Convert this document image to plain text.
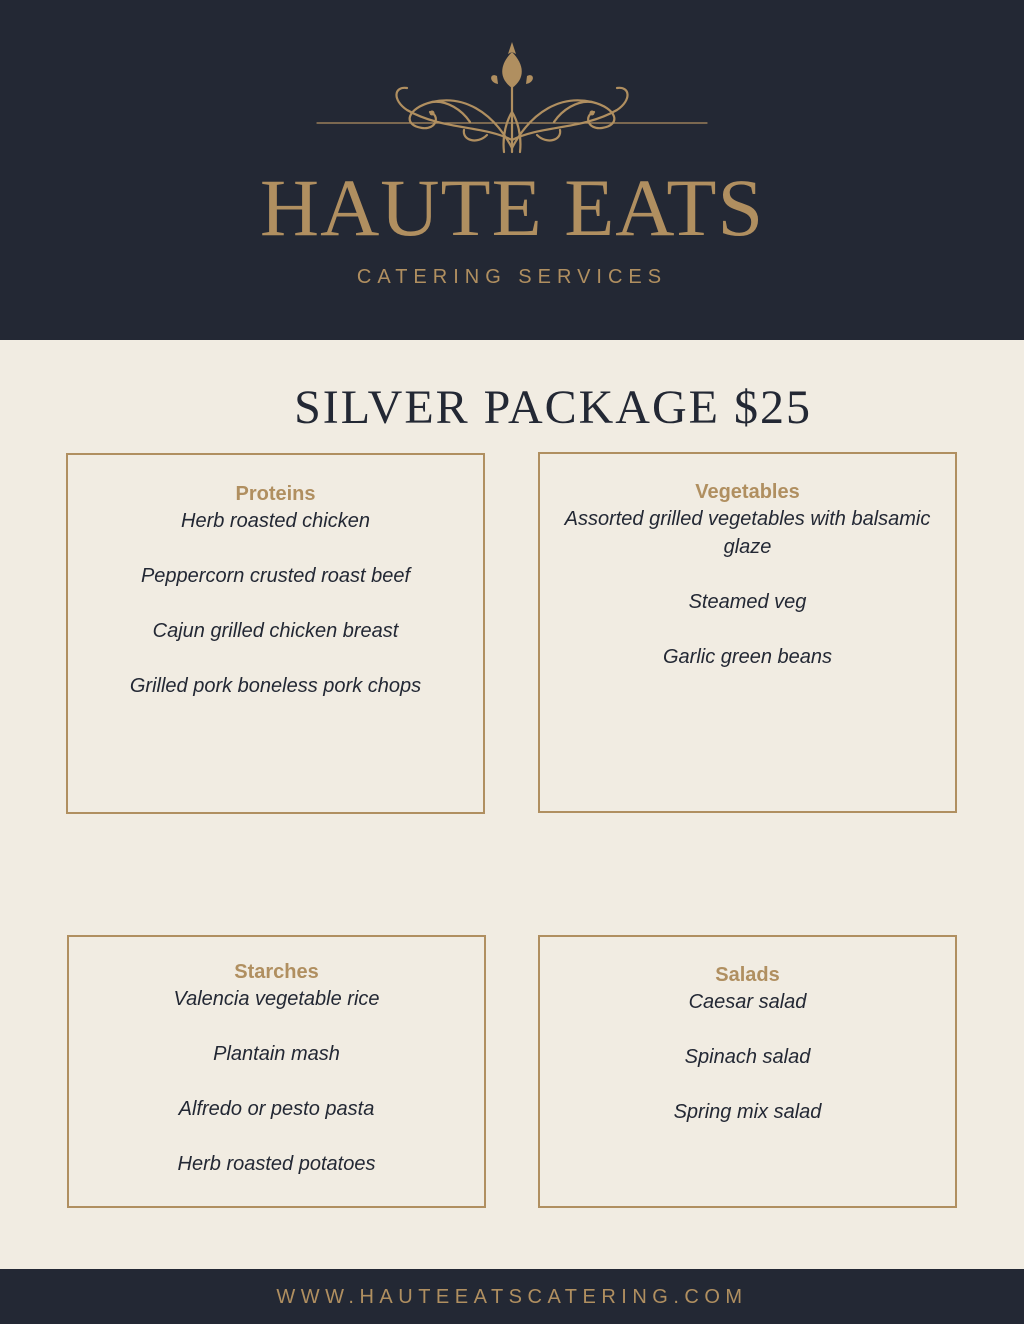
HAUTE EATS
CATERING SERVICES
SILVER PACKAGE $25
Proteins
Herb roasted chicken
Peppercorn crusted roast beef
Cajun grilled chicken breast
Grilled pork boneless pork chops
Vegetables
Assorted grilled vegetables with balsamic glaze
Steamed veg
Garlic green beans
Starches
Valencia vegetable rice
Plantain mash
Alfredo or pesto pasta
Herb roasted potatoes
Salads
Caesar salad
Spinach salad
Spring mix salad
WWW.HAUTEEATSCATERING.COM
